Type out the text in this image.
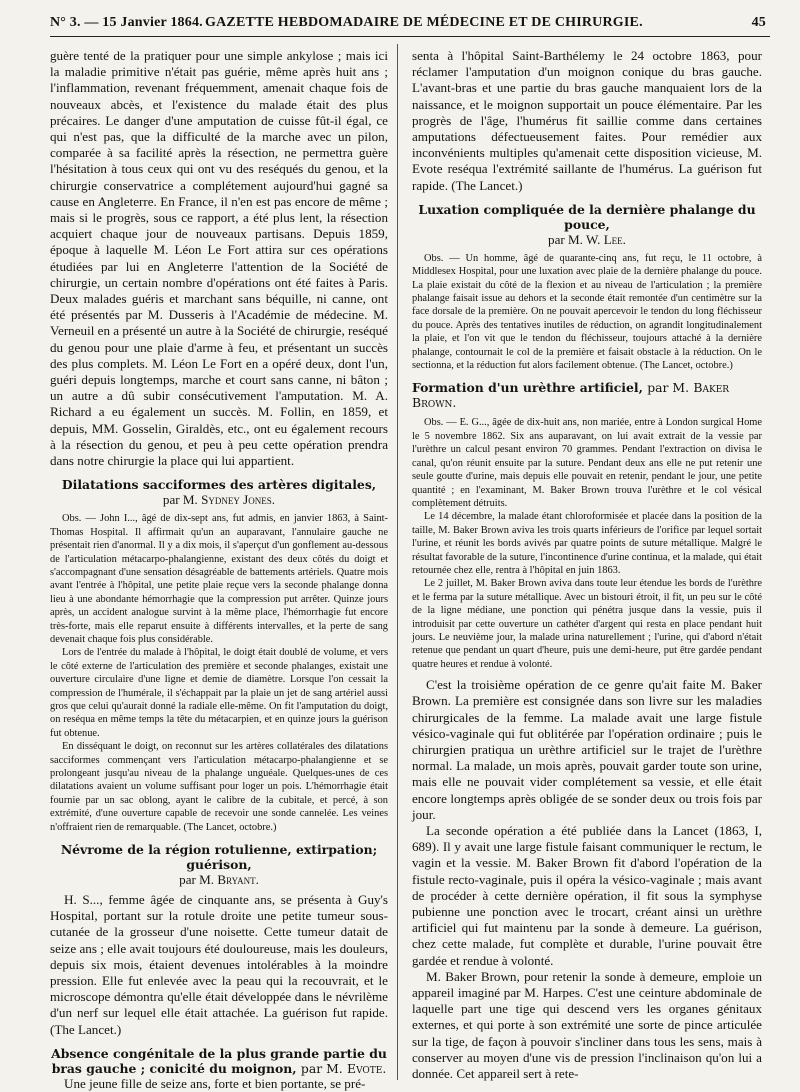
N° 3. — 15 Janvier 1864. GAZETTE HEBDOMADAIRE DE MÉDECINE ET DE CHIRURGIE.	45

guère tenté de la pratiquer pour une simple ankylose ; mais ici la maladie primitive n'était pas guérie, même après huit ans ; l'inflammation, revenant fréquemment, amenait chaque fois de nouveaux abcès, et l'existence du malade était des plus précaires. Le danger d'une amputation de cuisse fût-il égal, ce qui n'est pas, que la difficulté de la marche avec un pilon, comparée à sa facilité après la résection, ne permettra guère l'hésitation à tous ceux qui ont vu des reséqués du genou, et la chirurgie conservatrice a complétement aujourd'hui gagné sa cause en Angleterre. En France, il n'en est pas encore de même ; mais si le progrès, sous ce rapport, a été plus lent, la résection acquiert chaque jour de nouveaux partisans. Depuis 1859, époque à laquelle M. Léon Le Fort attira sur ces opérations étudiées par lui en Angleterre l'attention de la Société de chirurgie, un certain nombre d'opérations ont été faites à Paris. Deux malades guéris et marchant sans béquille, ni canne, ont été présentés par M. Dusseris à l'Académie de médecine. M. Verneuil en a présenté un autre à la Société de chirurgie, reséqué du genou pour une plaie d'arme à feu, et présentant un succès des plus complets. M. Léon Le Fort en a opéré deux, dont l'un, guéri depuis longtemps, marche et court sans canne, ni bâton ; un autre a dû subir consécutivement l'amputation. M. A. Richard a eu également un succès. M. Follin, en 1859, et depuis, MM. Gosselin, Giraldès, etc., ont eu également recours à la résection du genou, et peu à peu cette opération prendra dans notre chirurgie la place qui lui appartient.

Dilatations sacciformes des artères digitales,
par M. Sydney Jones.

Obs. — John I..., âgé de dix-sept ans, fut admis, en janvier 1863, à Saint-Thomas Hospital. Il affirmait qu'un an auparavant, l'annulaire gauche ne présentait rien d'anormal. Il y a dix mois, il s'aperçut d'un gonflement au-dessous de l'articulation métacarpo-phalangienne, existant des deux côtés du doigt et s'accompagnant d'une sensation désagréable de battements artériels. Quatre mois avant l'entrée à l'hôpital, une petite plaie reçue vers la seconde phalange donna lieu à une abondante hémorrhagie que la compression put arrêter. Quinze jours après, un accident analogue survint à la même place, l'hémorrhagie fut encore très-forte, mais elle reparut ensuite à différents intervalles, et la perte de sang devenait chaque fois plus considérable.

Lors de l'entrée du malade à l'hôpital, le doigt était doublé de volume, et vers le côté externe de l'articulation des première et seconde phalanges, existait une ouverture circulaire d'une ligne et demie de diamètre. Lorsque l'on cessait la compression de l'humérale, il s'échappait par la plaie un jet de sang artériel aussi gros que celui qu'aurait donné la radiale elle-même. On fit l'amputation du doigt, on reséqua en même temps la tête du métacarpien, et en quinze jours la guérison fut obtenue.

En disséquant le doigt, on reconnut sur les artères collatérales des dilatations sacciformes commençant vers l'articulation métacarpo-phalangienne et se prolongeant jusqu'au niveau de la phalange unguéale. Quelques-unes de ces dilatations avaient un volume suffisant pour loger un pois. L'hémorrhagie était fournie par un sac oblong, ayant le calibre de la cubitale, et percé, à son extrémité, d'une ouverture capable de recevoir une sonde cannelée. Les veines n'offraient rien de remarquable. (The Lancet, octobre.)

Névrome de la région rotulienne, extirpation; guérison,
par M. Bryant.

H. S..., femme âgée de cinquante ans, se présenta à Guy's Hospital, portant sur la rotule droite une petite tumeur sous-cutanée de la grosseur d'une noisette. Cette tumeur datait de seize ans ; elle avait toujours été douloureuse, mais les douleurs, depuis six mois, étaient devenues intolérables à la moindre pression. Elle fut enlevée avec la peau qui la recouvrait, et le microscope démontra qu'elle était développée dans le névrilème d'un nerf sur lequel elle était attachée. La guérison fut rapide. (The Lancet.)

Absence congénitale de la plus grande partie du bras gauche ; conicité du moignon, par M. Evote.

Une jeune fille de seize ans, forte et bien portante, se pré-

senta à l'hôpital Saint-Barthélemy le 24 octobre 1863, pour réclamer l'amputation d'un moignon conique du bras gauche. L'avant-bras et une partie du bras gauche manquaient lors de la naissance, et le moignon supportait un pouce élémentaire. Par les progrès de l'âge, l'humérus fit saillie comme dans certaines amputations défectueusement faites. Pour remédier aux inconvénients multiples qu'amenait cette disposition vicieuse, M. Evote reséqua l'extrémité saillante de l'humérus. La guérison fut rapide. (The Lancet.)

Luxation compliquée de la dernière phalange du pouce,
par M. W. Lee.

Obs. — Un homme, âgé de quarante-cinq ans, fut reçu, le 11 octobre, à Middlesex Hospital, pour une luxation avec plaie de la dernière phalange du pouce. La plaie existait du côté de la flexion et au niveau de l'articulation ; la première phalange faisait issue au dehors et la seconde était remontée d'un centimètre sur la face dorsale de la première. On ne pouvait apercevoir le tendon du long fléchisseur du pouce. Après des tentatives inutiles de réduction, on agrandit longitudinalement la plaie, et l'on vit que le tendon du fléchisseur, toujours attaché à la dernière phalange, contournait le col de la première et faisait obstacle à la réduction. On le sectionna, et la réduction fut alors facilement obtenue. (The Lancet, octobre.)

Formation d'un urèthre artificiel, par M. Baker Brown.

Obs. — E. G..., âgée de dix-huit ans, non mariée, entre à London surgical Home le 5 novembre 1862. Six ans auparavant, on lui avait extrait de la vessie par l'urèthre un calcul pesant environ 70 grammes. Pendant l'extraction on divisa le canal, qu'on réunit ensuite par la suture. Pendant deux ans elle ne put retenir une seule goutte d'urine, mais depuis elle pouvait en retenir, pendant le jour, une petite quantité ; en l'examinant, M. Baker Brown trouva l'urèthre et le col vésical complètement détruits.

Le 14 décembre, la malade étant chloroformisée et placée dans la position de la taille, M. Baker Brown aviva les trois quarts inférieurs de l'orifice par lequel sortait l'urine, et réunit les bords avivés par quatre points de suture métallique. Malgré le résultat favorable de la suture, l'incontinence d'urine continua, et la malade, qui était retournée chez elle, rentra à l'hôpital en juin 1863.

Le 2 juillet, M. Baker Brown aviva dans toute leur étendue les bords de l'urèthre et le ferma par la suture métallique. Avec un bistouri étroit, il fit, un peu sur le côté de la ligne médiane, une ponction qui pénétra jusque dans la vessie, puis il introduisit par cette ouverture un cathéter d'argent qui resta en place pendant huit jours. Le neuvième jour, la malade urina naturellement ; l'urine, qui d'abord n'était retenue que pendant un quart d'heure, puis une demi-heure, put être gardée pendant quatre heures et rendue à volonté.

C'est la troisième opération de ce genre qu'ait faite M. Baker Brown. La première est consignée dans son livre sur les maladies chirurgicales de la femme. La malade avait une large fistule vésico-vaginale qui fut oblitérée par l'opération ordinaire ; puis le chirurgien pratiqua un urèthre artificiel sur le trajet de l'urèthre normal. La malade, un mois après, pouvait garder toute son urine, mais elle ne pouvait vider complétement sa vessie, et elle était encore longtemps après obligée de se sonder deux ou trois fois par jour.

La seconde opération a été publiée dans la Lancet (1863, I, 689). Il y avait une large fistule faisant communiquer le rectum, le vagin et la vessie. M. Baker Brown fit d'abord l'opération de la fistule recto-vaginale, puis il opéra la vésico-vaginale ; mais avant de procéder à cette dernière opération, il fit sous la symphyse pubienne une ponction avec le trocart, créant ainsi un urèthre artificiel qui fut maintenu par la sonde à demeure. La guérison, chez cette malade, fut complète et durable, l'urine pouvait être gardée et rendue à volonté.

M. Baker Brown, pour retenir la sonde à demeure, emploie un appareil imaginé par M. Harpes. C'est une ceinture abdominale de laquelle part une tige qui descend vers les organes génitaux externes, et qui porte à son extrémité une sorte de pince articulée sur la tige, de façon à pouvoir s'incliner dans tous les sens, mais à conserver au moyen d'une vis de pression l'inclinaison qu'on lui a donnée. Cet appareil sert à rete-
